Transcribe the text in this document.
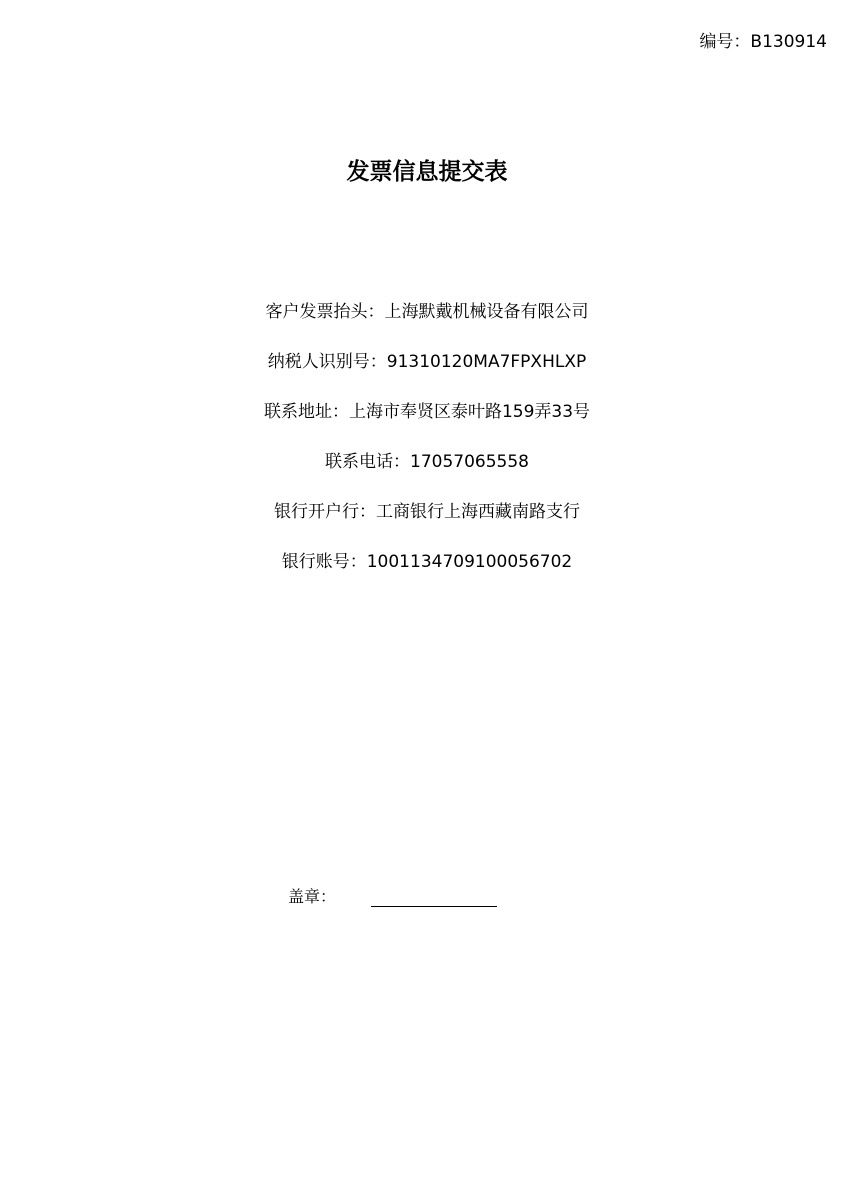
编号：B130914
发票信息提交表
客户发票抬头：上海默戴机械设备有限公司
纳税人识别号：91310120MA7FPXHLXP
联系地址：上海市奉贤区泰叶路159弄33号
联系电话：17057065558
银行开户行：工商银行上海西藏南路支行
银行账号：1001134709100056702
盖章：
